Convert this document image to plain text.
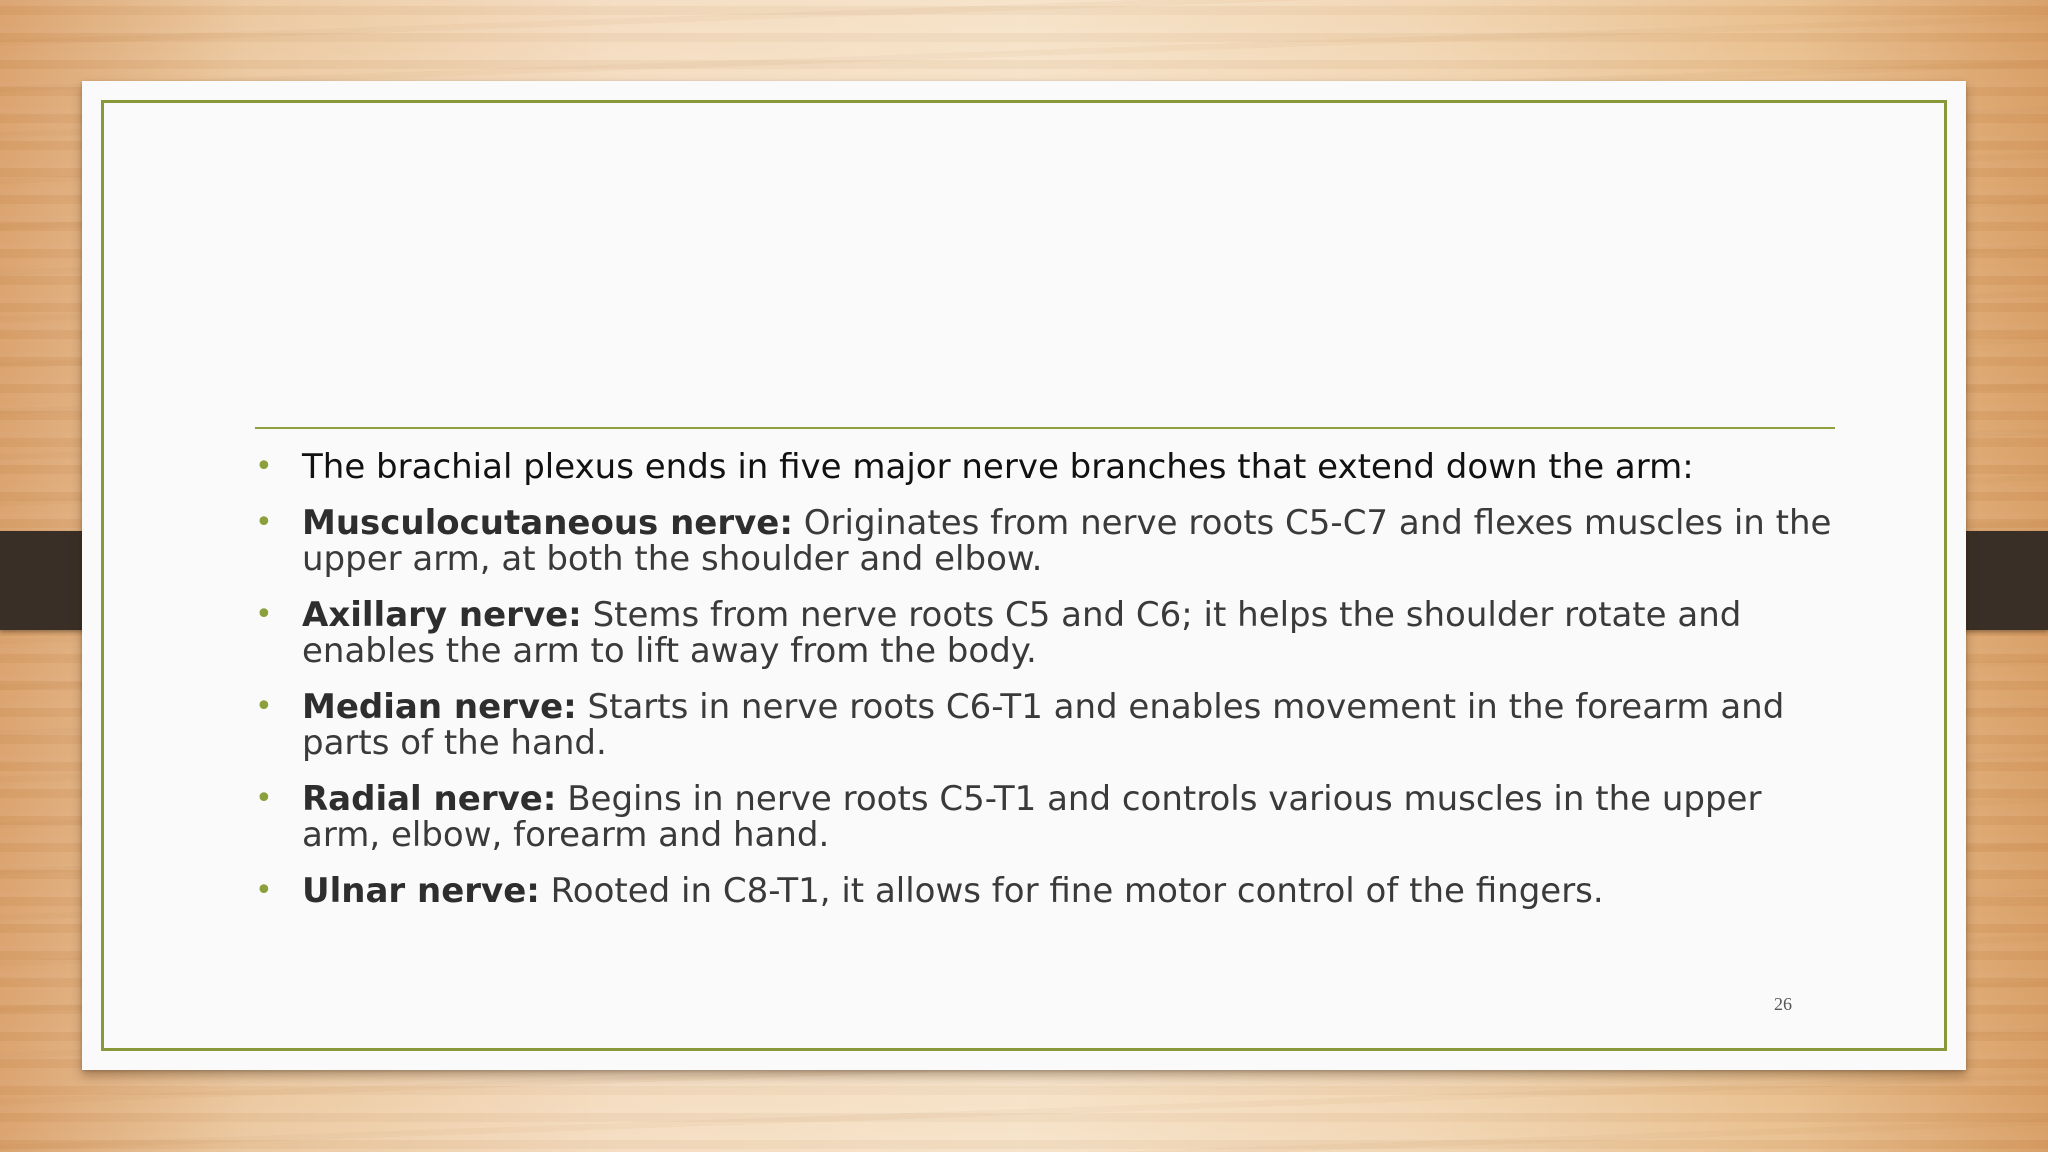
• The brachial plexus ends in five major nerve branches that extend down the arm:
• Musculocutaneous nerve: Originates from nerve roots C5-C7 and flexes muscles in the upper arm, at both the shoulder and elbow.
• Axillary nerve: Stems from nerve roots C5 and C6; it helps the shoulder rotate and enables the arm to lift away from the body.
• Median nerve: Starts in nerve roots C6-T1 and enables movement in the forearm and parts of the hand.
• Radial nerve: Begins in nerve roots C5-T1 and controls various muscles in the upper arm, elbow, forearm and hand.
• Ulnar nerve: Rooted in C8-T1, it allows for fine motor control of the fingers.
26
